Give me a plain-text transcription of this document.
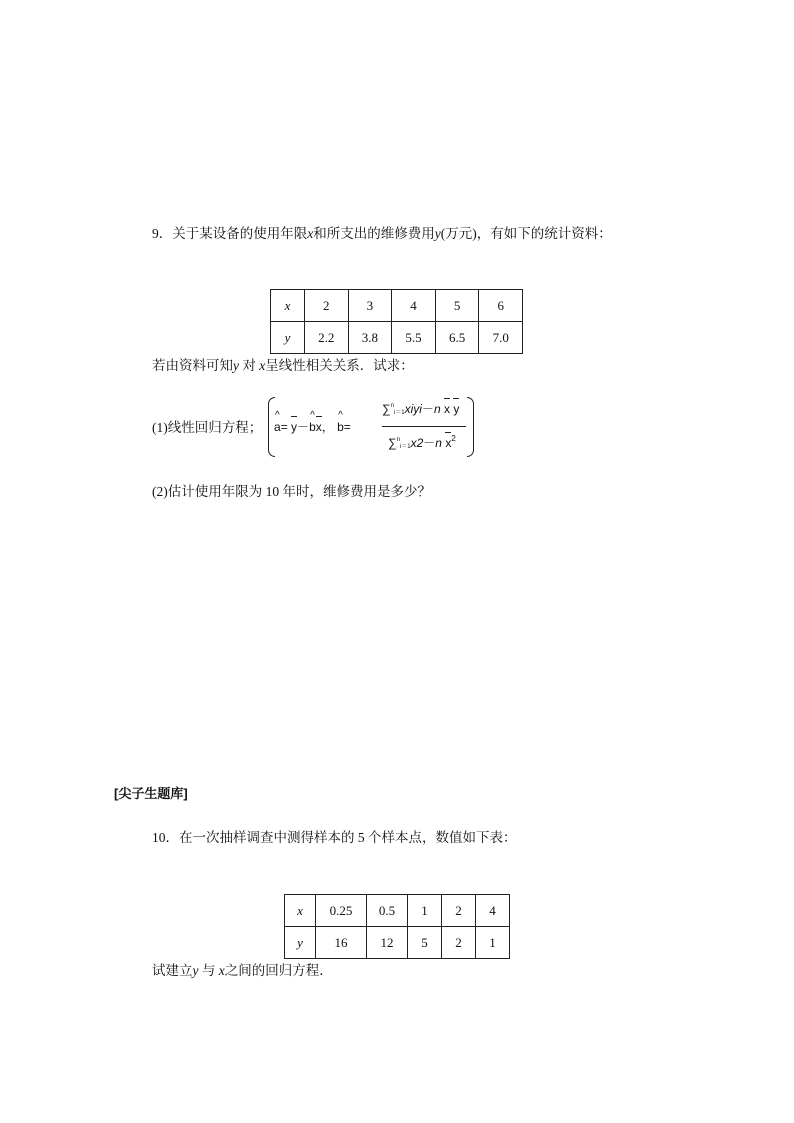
9．关于某设备的使用年限x和所支出的维修费用y(万元)，有如下的统计资料：
x	2	3	4	5	6
y	2.2	3.8	5.5	6.5	7.0
若由资料可知y 对 x呈线性相关关系．试求：
(1)线性回归方程； ^ a= y－^ bx， ^ b=
∑$^n$i＝1xiyi－n x y
∑$^n$i＝1x2－n $x^2$
(2)估计使用年限为 10 年时，维修费用是多少？
[尖子生题库]
10．在一次抽样调查中测得样本的 5 个样本点，数值如下表：
x	0.25	0.5	1	2	4
y	16	12	5	2	1
试建立y 与 x之间的回归方程．
